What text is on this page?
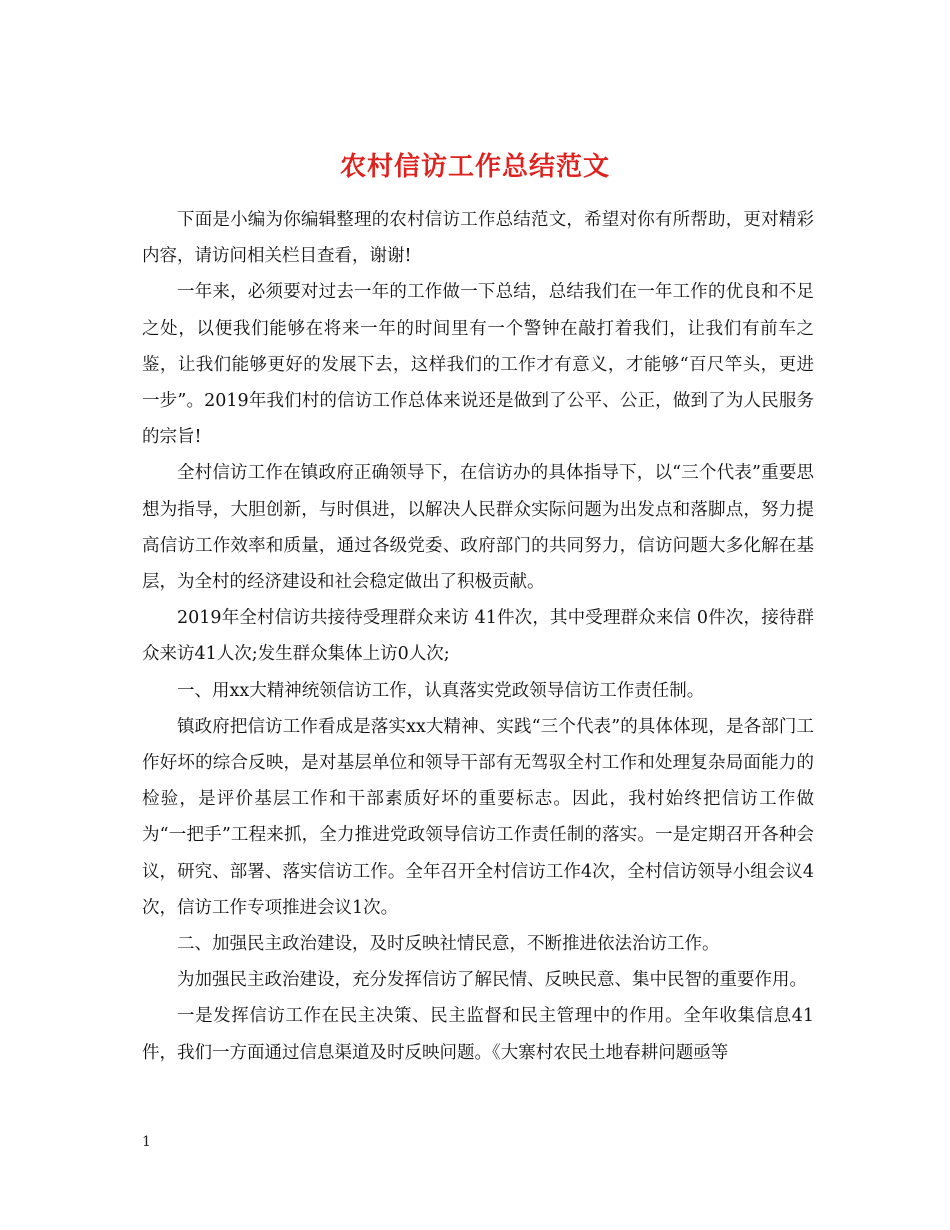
农村信访工作总结范文

下面是小编为你编辑整理的农村信访工作总结范文，希望对你有所帮助，更对精彩内容，请访问相关栏目查看，谢谢!

一年来，必须要对过去一年的工作做一下总结，总结我们在一年工作的优良和不足之处，以便我们能够在将来一年的时间里有一个警钟在敲打着我们，让我们有前车之鉴，让我们能够更好的发展下去，这样我们的工作才有意义，才能够“百尺竿头，更进一步”。2019年我们村的信访工作总体来说还是做到了公平、公正，做到了为人民服务的宗旨!

全村信访工作在镇政府正确领导下，在信访办的具体指导下，以“三个代表”重要思想为指导，大胆创新，与时俱进，以解决人民群众实际问题为出发点和落脚点，努力提高信访工作效率和质量，通过各级党委、政府部门的共同努力，信访问题大多化解在基层，为全村的经济建设和社会稳定做出了积极贡献。

2019年全村信访共接待受理群众来访 41件次，其中受理群众来信 0件次，接待群众来访41人次;发生群众集体上访0人次;

一、用xx大精神统领信访工作，认真落实党政领导信访工作责任制。

镇政府把信访工作看成是落实xx大精神、实践“三个代表”的具体体现，是各部门工作好坏的综合反映，是对基层单位和领导干部有无驾驭全村工作和处理复杂局面能力的检验，是评价基层工作和干部素质好坏的重要标志。因此，我村始终把信访工作做为“一把手”工程来抓，全力推进党政领导信访工作责任制的落实。一是定期召开各种会议，研究、部署、落实信访工作。全年召开全村信访工作4次，全村信访领导小组会议4次，信访工作专项推进会议1次。

二、加强民主政治建设，及时反映社情民意，不断推进依法治访工作。

为加强民主政治建设，充分发挥信访了解民情、反映民意、集中民智的重要作用。

一是发挥信访工作在民主决策、民主监督和民主管理中的作用。全年收集信息41件，我们一方面通过信息渠道及时反映问题。《大寨村农民土地春耕问题亟等

1
